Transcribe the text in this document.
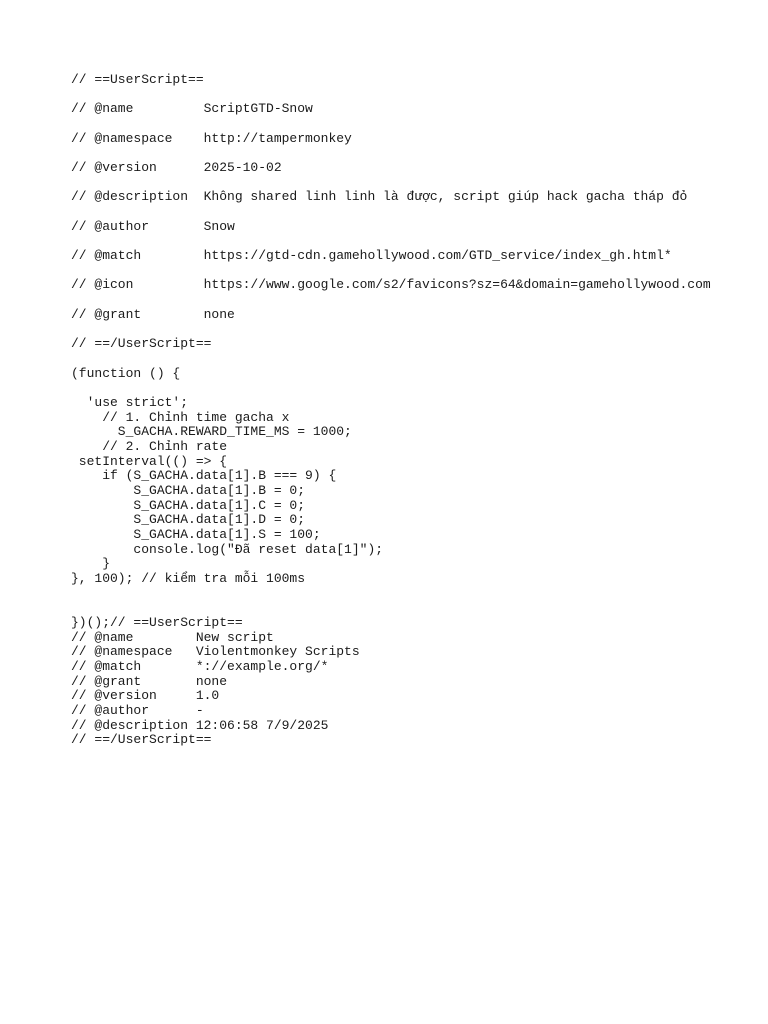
// ==UserScript==
// @name         ScriptGTD-Snow
// @namespace    http://tampermonkey
// @version      2025-10-02
// @description  Không shared linh linh là được, script giúp hack gacha tháp đỏ
// @author       Snow
// @match        https://gtd-cdn.gamehollywood.com/GTD_service/index_gh.html*
// @icon         https://www.google.com/s2/favicons?sz=64&domain=gamehollywood.com
// @grant        none
// ==/UserScript==
(function () {
'use strict';
// 1. Chỉnh time gacha x
S_GACHA.REWARD_TIME_MS = 1000;
// 2. Chỉnh rate
setInterval(() => {
if (S_GACHA.data[1].B === 9) {
S_GACHA.data[1].B = 0;
S_GACHA.data[1].C = 0;
S_GACHA.data[1].D = 0;
S_GACHA.data[1].S = 100;
console.log("Đã reset data[1]");
}
}, 100); // kiểm tra mỗi 100ms
})();// ==UserScript==
// @name        New script
// @namespace   Violentmonkey Scripts
// @match       *://example.org/*
// @grant       none
// @version     1.0
// @author      -
// @description 12:06:58 7/9/2025
// ==/UserScript==
